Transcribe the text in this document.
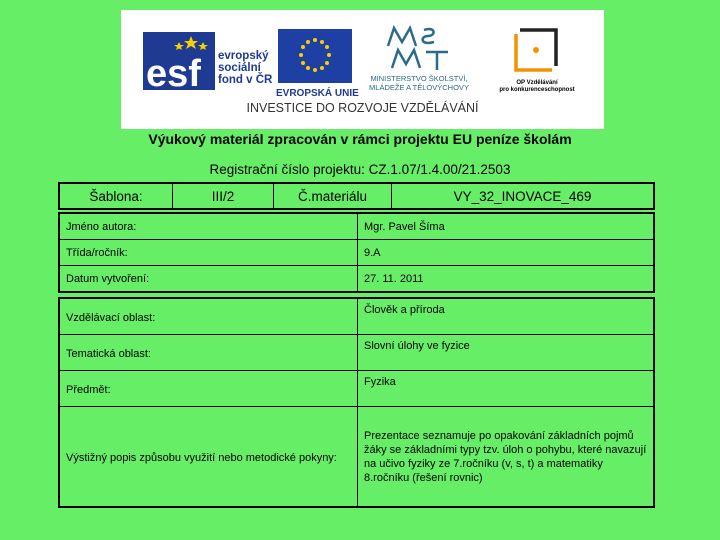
esf evropský
sociální
fond v ČR
EVROPSKÁ UNIE
MINISTERSTVO ŠKOLSTVÍ,
MLÁDEŽE A TĚLOVÝCHOVY	OP Vzdělávání
pro konkurenceschopnost
INVESTICE DO ROZVOJE VZDĚLÁVÁNÍ
Výukový materiál zpracován v rámci projektu EU peníze školám
Registrační číslo projektu: CZ.1.07/1.4.00/21.2503
Šablona:	III/2	Č.materiálu	VY_32_INOVACE_469
Jméno autora:	Mgr. Pavel Šíma
Třída/ročník:	9.A
Datum vytvoření:	27. 11. 2011
Vzdělávací oblast:	Člověk a příroda
Tematická oblast:	Slovní úlohy ve fyzice
Předmět:	Fyzika
Výstižný popis způsobu využití nebo metodické pokyny:	Prezentace seznamuje po opakování základních pojmů žáky se základními typy tzv. úloh o pohybu, které navazují na učivo fyziky ze 7.ročníku (v, s, t) a matematiky 8.ročníku (řešení rovnic)
